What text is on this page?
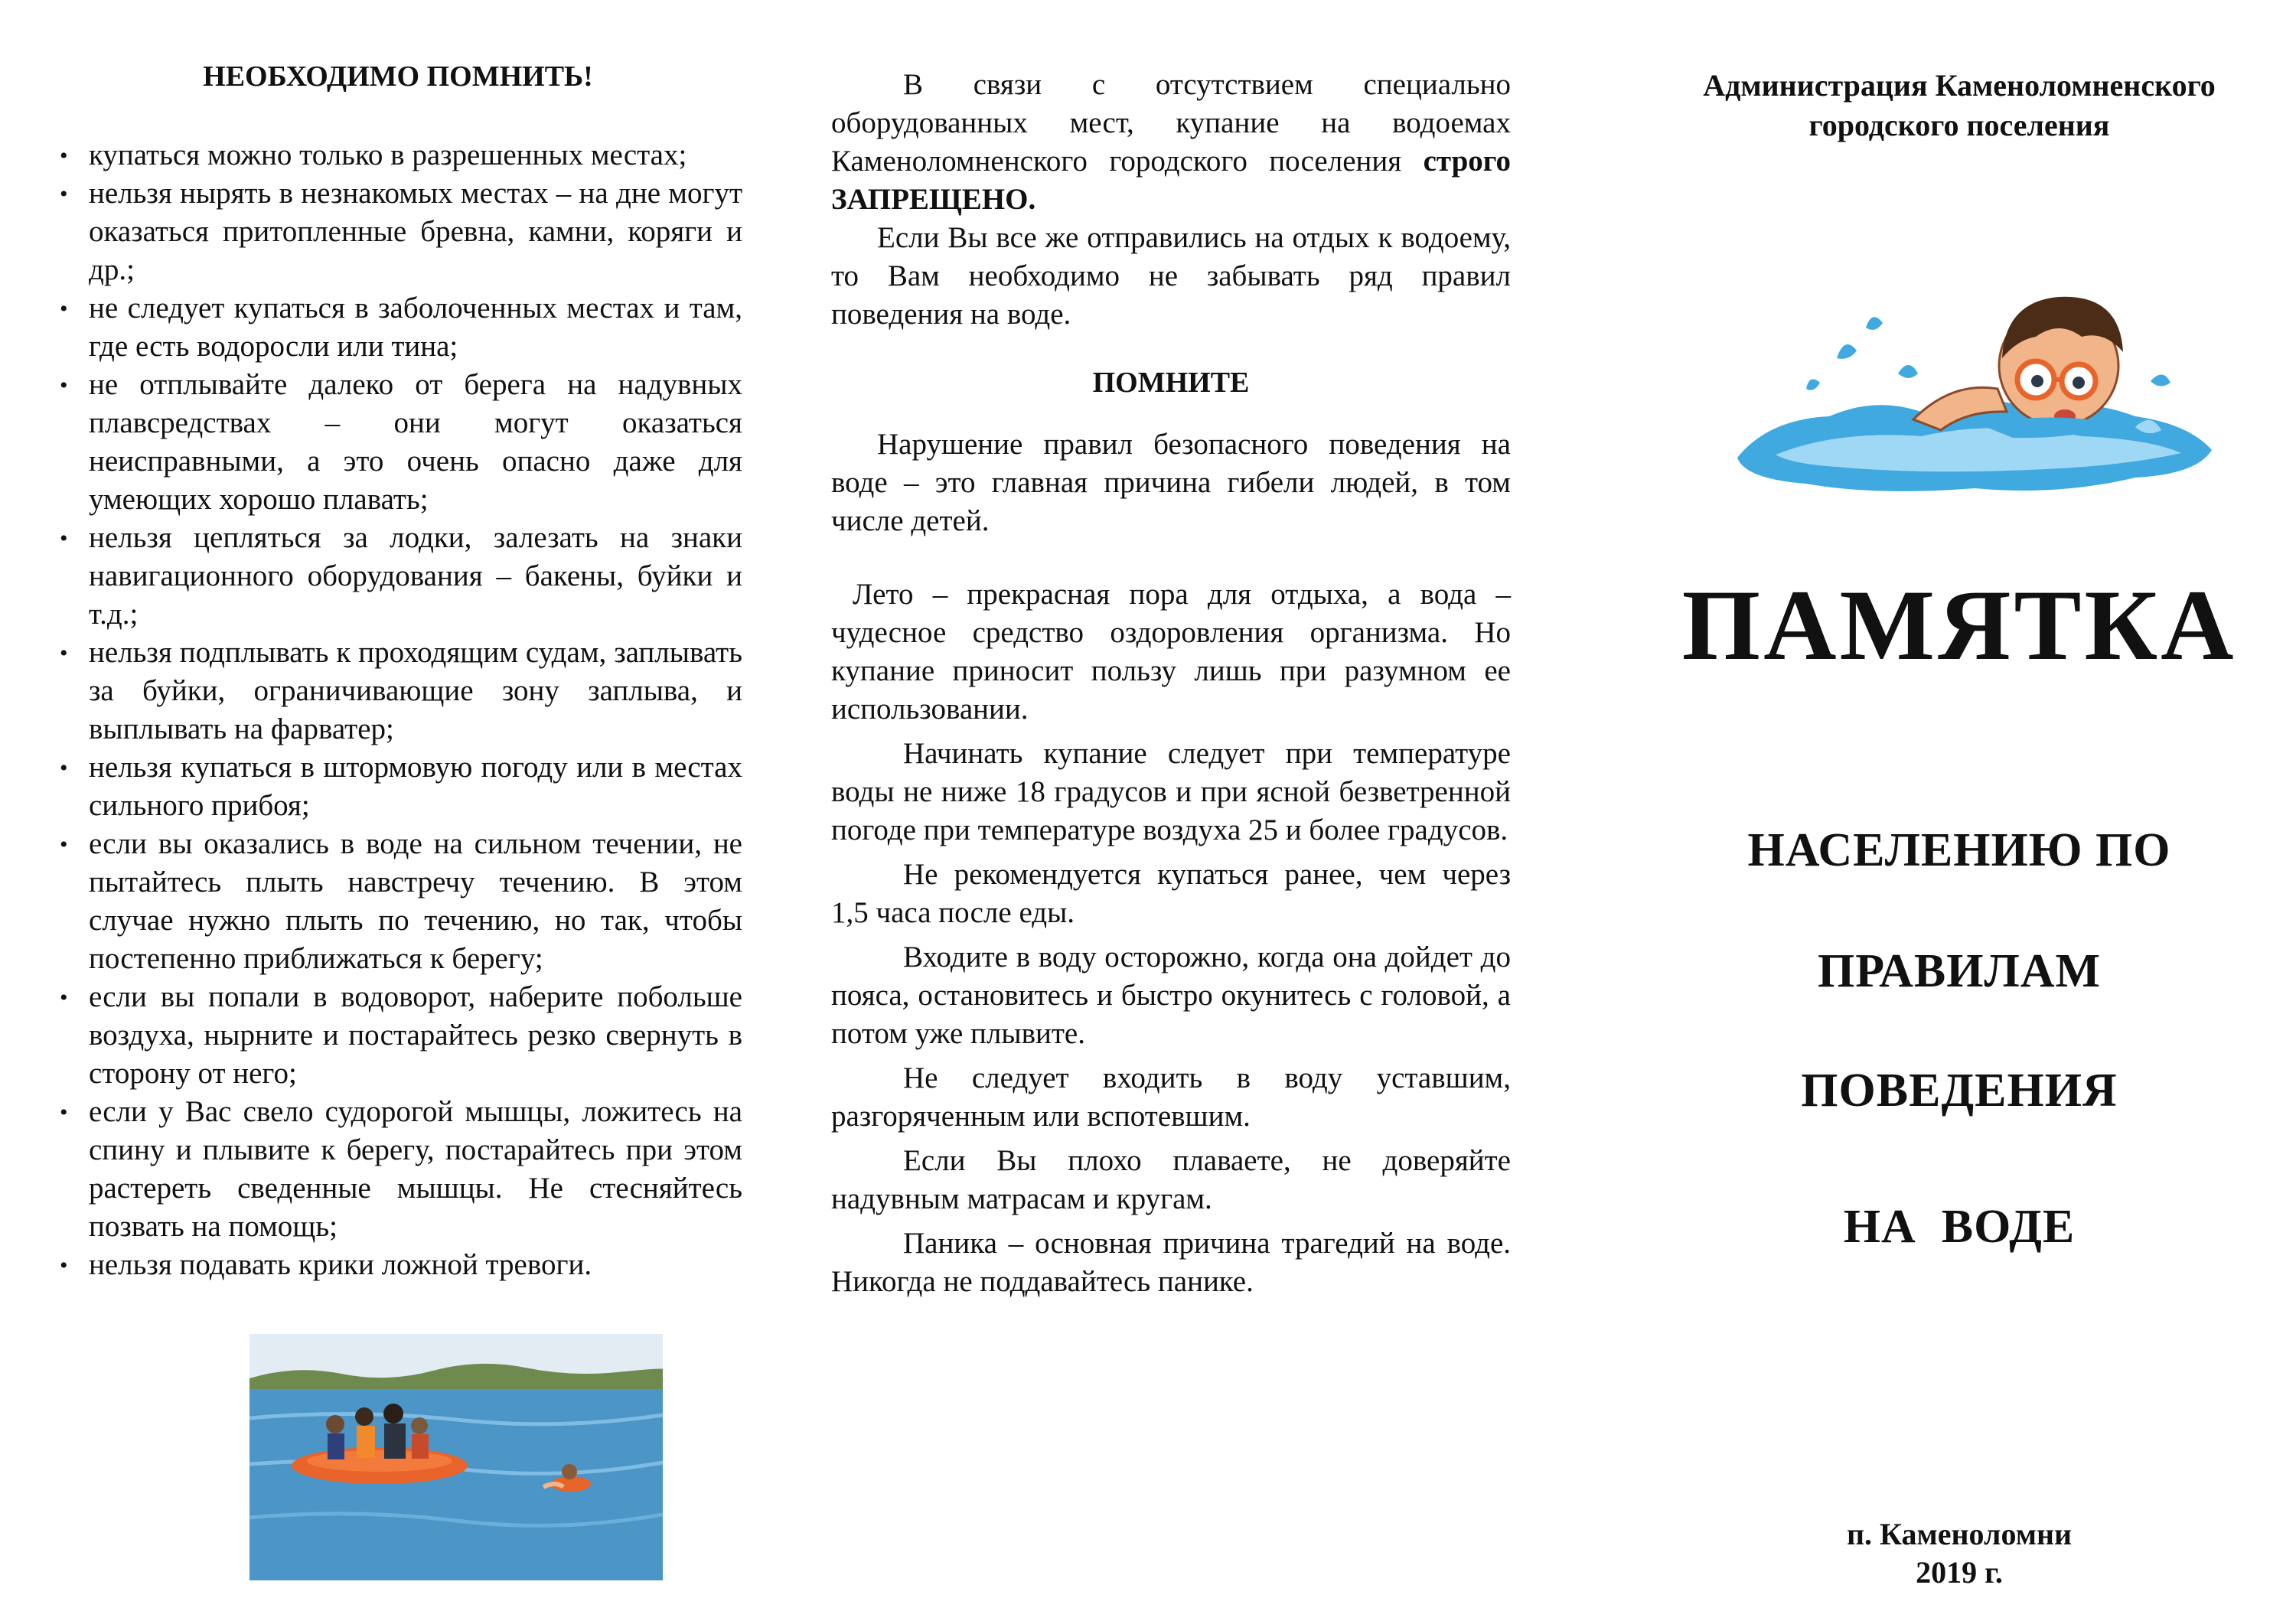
НЕОБХОДИМО ПОМНИТЬ!
• купаться можно только в разрешенных местах;
• нельзя нырять в незнакомых местах – на дне могут оказаться притопленные бревна, камни, коряги и др.;
• не следует купаться в заболоченных местах и там, где есть водоросли или тина;
• не отплывайте далеко от берега на надувных плавсредствах – они могут оказаться неисправными, а это очень опасно даже для умеющих хорошо плавать;
• нельзя цепляться за лодки, залезать на знаки навигационного оборудования – бакены, буйки и т.д.;
• нельзя подплывать к проходящим судам, заплывать за буйки, ограничивающие зону заплыва, и выплывать на фарватер;
• нельзя купаться в штормовую погоду или в местах сильного прибоя;
• если вы оказались в воде на сильном течении, не пытайтесь плыть навстречу течению. В этом случае нужно плыть по течению, но так, чтобы постепенно приближаться к берегу;
• если вы попали в водоворот, наберите побольше воздуха, нырните и постарайтесь резко свернуть в сторону от него;
• если у Вас свело судорогой мышцы, ложитесь на спину и плывите к берегу, постарайтесь при этом растереть сведенные мышцы. Не стесняйтесь позвать на помощь;
• нельзя подавать крики ложной тревоги.

В связи с отсутствием специально оборудованных мест, купание на водоемах Каменоломненского городского поселения строго ЗАПРЕЩЕНО.

Если Вы все же отправились на отдых к водоему, то Вам необходимо не забывать ряд правил поведения на воде.

ПОМНИТЕ

Нарушение правил безопасного поведения на воде – это главная причина гибели людей, в том числе детей.

Лето – прекрасная пора для отдыха, а вода – чудесное средство оздоровления организма. Но купание приносит пользу лишь при разумном ее использовании.

Начинать купание следует при температуре воды не ниже 18 градусов и при ясной безветренной погоде при температуре воздуха 25 и более градусов.

Не рекомендуется купаться ранее, чем через 1,5 часа после еды.

Входите в воду осторожно, когда она дойдет до пояса, остановитесь и быстро окунитесь с головой, а потом уже плывите.

Не следует входить в воду уставшим, разгоряченным или вспотевшим.

Если Вы плохо плаваете, не доверяйте надувным матрасам и кругам.

Паника – основная причина трагедий на воде. Никогда не поддавайтесь панике.

Администрация Каменоломненского
городского поселения
ПАМЯТКА
НАСЕЛЕНИЮ ПО
ПРАВИЛАМ
ПОВЕДЕНИЯ
НА  ВОДЕ
п. Каменоломни
2019 г.
